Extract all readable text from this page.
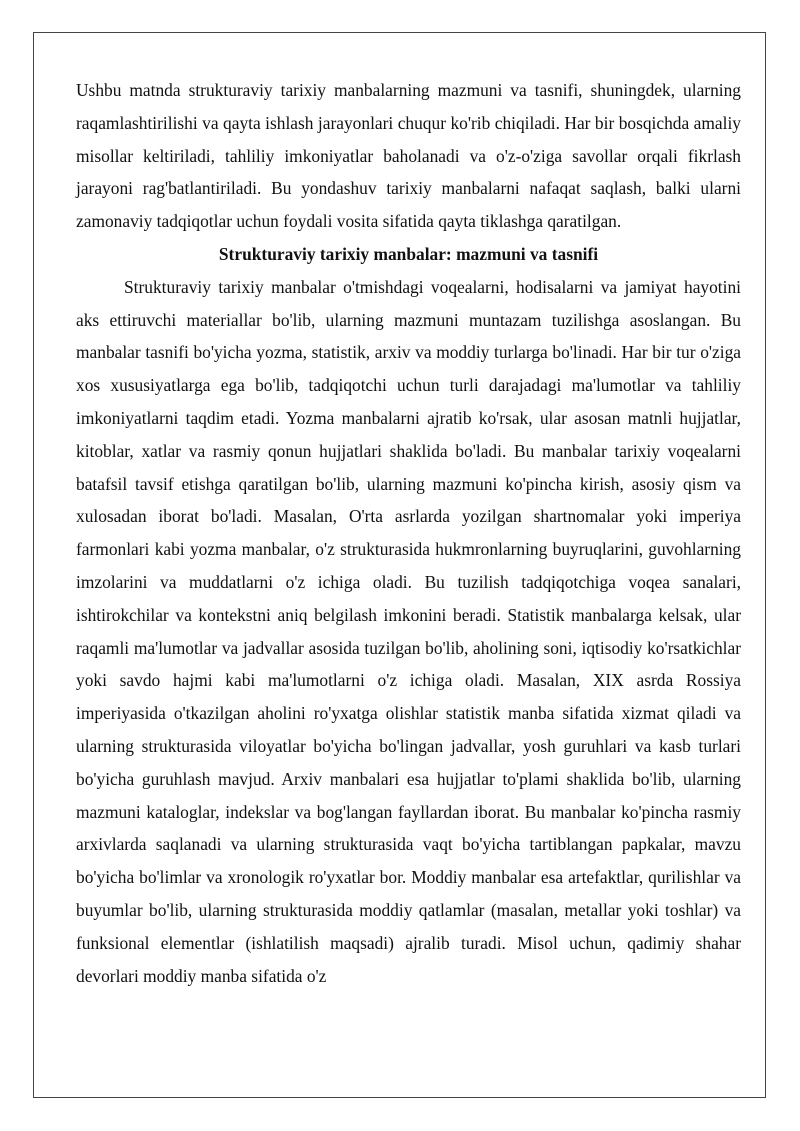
Ushbu matnda strukturaviy tarixiy manbalarning mazmuni va tasnifi, shuningdek, ularning raqamlashtirilishi va qayta ishlash jarayonlari chuqur ko'rib chiqiladi. Har bir bosqichda amaliy misollar keltiriladi, tahliliy imkoniyatlar baholanadi va o'z-o'ziga savollar orqali fikrlash jarayoni rag'batlantiriladi. Bu yondashuv tarixiy manbalarni nafaqat saqlash, balki ularni zamonaviy tadqiqotlar uchun foydali vosita sifatida qayta tiklashga qaratilgan.

Strukturaviy tarixiy manbalar: mazmuni va tasnifi

Strukturaviy tarixiy manbalar o'tmishdagi voqealarni, hodisalarni va jamiyat hayotini aks ettiruvchi materiallar bo'lib, ularning mazmuni muntazam tuzilishga asoslangan. Bu manbalar tasnifi bo'yicha yozma, statistik, arxiv va moddiy turlarga bo'linadi. Har bir tur o'ziga xos xususiyatlarga ega bo'lib, tadqiqotchi uchun turli darajadagi ma'lumotlar va tahliliy imkoniyatlarni taqdim etadi. Yozma manbalarni ajratib ko'rsak, ular asosan matnli hujjatlar, kitoblar, xatlar va rasmiy qonun hujjatlari shaklida bo'ladi. Bu manbalar tarixiy voqealarni batafsil tavsif etishga qaratilgan bo'lib, ularning mazmuni ko'pincha kirish, asosiy qism va xulosadan iborat bo'ladi. Masalan, O'rta asrlarda yozilgan shartnomalar yoki imperiya farmonlari kabi yozma manbalar, o'z strukturasida hukmronlarning buyruqlarini, guvohlarning imzolarini va muddatlarni o'z ichiga oladi. Bu tuzilish tadqiqotchiga voqea sanalari, ishtirokchilar va kontekstni aniq belgilash imkonini beradi. Statistik manbalarga kelsak, ular raqamli ma'lumotlar va jadvallar asosida tuzilgan bo'lib, aholining soni, iqtisodiy ko'rsatkichlar yoki savdo hajmi kabi ma'lumotlarni o'z ichiga oladi. Masalan, XIX asrda Rossiya imperiyasida o'tkazilgan aholini ro'yxatga olishlar statistik manba sifatida xizmat qiladi va ularning strukturasida viloyatlar bo'yicha bo'lingan jadvallar, yosh guruhlari va kasb turlari bo'yicha guruhlash mavjud. Arxiv manbalari esa hujjatlar to'plami shaklida bo'lib, ularning mazmuni kataloglar, indekslar va bog'langan fayllardan iborat. Bu manbalar ko'pincha rasmiy arxivlarda saqlanadi va ularning strukturasida vaqt bo'yicha tartiblangan papkalar, mavzu bo'yicha bo'limlar va xronologik ro'yxatlar bor. Moddiy manbalar esa artefaktlar, qurilishlar va buyumlar bo'lib, ularning strukturasida moddiy qatlamlar (masalan, metallar yoki toshlar) va funksional elementlar (ishlatilish maqsadi) ajralib turadi. Misol uchun, qadimiy shahar devorlari moddiy manba sifatida o'z
